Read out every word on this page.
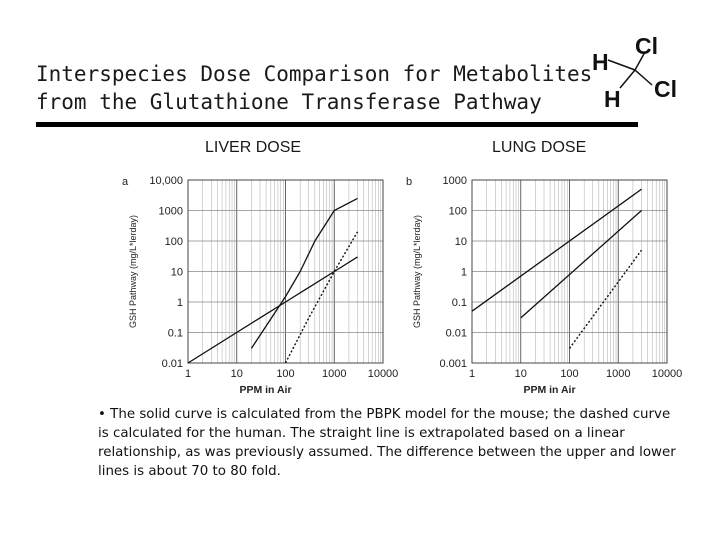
Interspecies Dose Comparison for Metabolites
from the Glutathione Transferase Pathway
H
Cl
H Cl
LIVER DOSE	LUNG DOSE
a
0.01
0.1
1
10
100
1000
10,000
1	10	100 1000 10000
PPM in Air
GSH Pathway (mg/L*lerday)
b
0.001
0.01
0.1
1
10
100
1000
1	10	100 1000 10000
PPM in Air
GSH Pathway (mg/L*lerday)
• The solid curve is calculated from the PBPK model for the mouse; the dashed curve is calculated for the human. The straight line is extrapolated based on a linear relationship, as was previously assumed. The difference between the upper and lower lines is about 70 to 80 fold.
